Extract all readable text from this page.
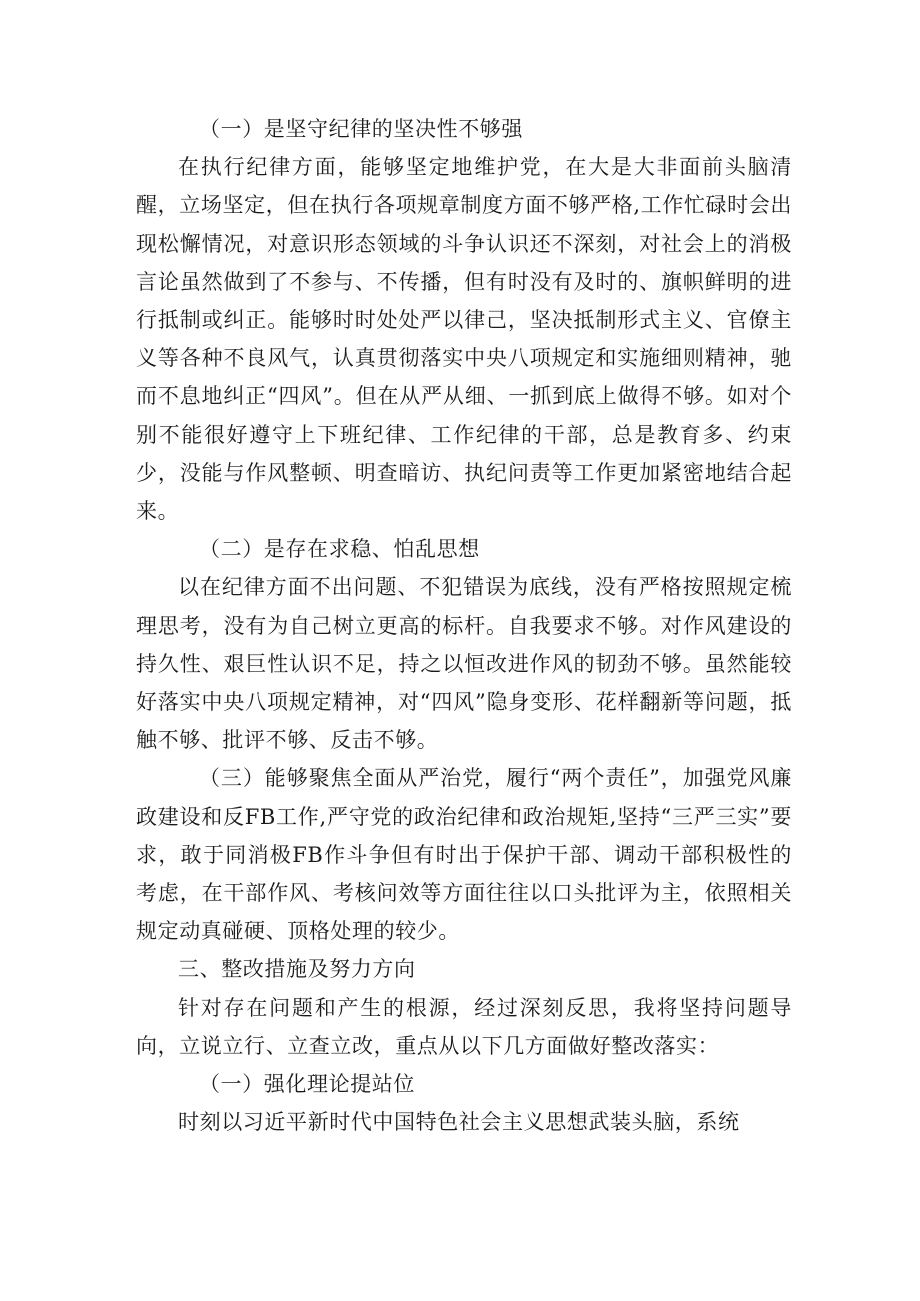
（一）是坚守纪律的坚决性不够强

在执行纪律方面，能够坚定地维护党，在大是大非面前头脑清醒，立场坚定，但在执行各项规章制度方面不够严格,工作忙碌时会出现松懈情况，对意识形态领域的斗争认识还不深刻，对社会上的消极言论虽然做到了不参与、不传播，但有时没有及时的、旗帜鲜明的进行抵制或纠正。能够时时处处严以律己，坚决抵制形式主义、官僚主义等各种不良风气，认真贯彻落实中央八项规定和实施细则精神，驰而不息地纠正“四风”。但在从严从细、一抓到底上做得不够。如对个别不能很好遵守上下班纪律、工作纪律的干部，总是教育多、约束少，没能与作风整顿、明查暗访、执纪问责等工作更加紧密地结合起来。

（二）是存在求稳、怕乱思想

以在纪律方面不出问题、不犯错误为底线，没有严格按照规定梳理思考，没有为自己树立更高的标杆。自我要求不够。对作风建设的持久性、艰巨性认识不足，持之以恒改进作风的韧劲不够。虽然能较好落实中央八项规定精神，对“四风”隐身变形、花样翻新等问题，抵触不够、批评不够、反击不够。

（三）能够聚焦全面从严治党，履行“两个责任”，加强党风廉政建设和反FB工作,严守党的政治纪律和政治规矩,坚持“三严三实”要求，敢于同消极FB作斗争但有时出于保护干部、调动干部积极性的考虑，在干部作风、考核问效等方面往往以口头批评为主，依照相关规定动真碰硬、顶格处理的较少。

三、整改措施及努力方向

针对存在问题和产生的根源，经过深刻反思，我将坚持问题导向，立说立行、立查立改，重点从以下几方面做好整改落实：

（一）强化理论提站位

时刻以习近平新时代中国特色社会主义思想武装头脑，系统
